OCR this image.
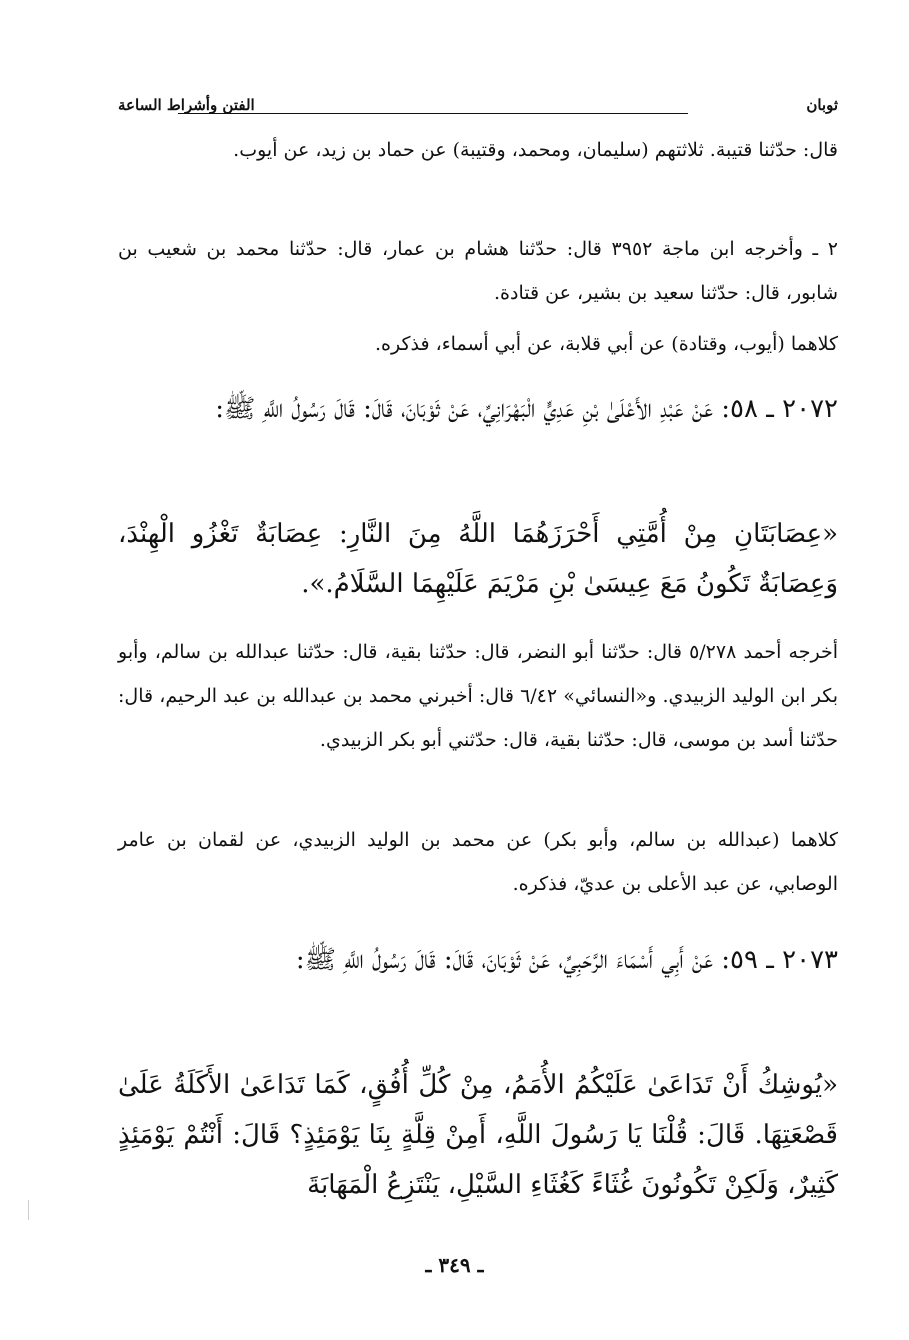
ثوبان
الفتن وأشراط الساعة

قال: حدّثنا قتيبة. ثلاثتهم (سليمان، ومحمد، وقتيبة) عن حماد بن زيد، عن أيوب.

٢ ـ وأخرجه ابن ماجة ٣٩٥٢ قال: حدّثنا هشام بن عمار، قال: حدّثنا محمد بن شعيب بن شابور، قال: حدّثنا سعيد بن بشير، عن قتادة.

كلاهما (أيوب، وقتادة) عن أبي قلابة، عن أبي أسماء، فذكره.

٢٠٧٢ ـ ٥٨: عَنْ عَبْدِ الأَعْلَىٰ بْنِ عَدِيٍّ الْبَهْرَانِيِّ، عَنْ ثَوْبَانَ، قَالَ: قَالَ رَسُولُ اللَّهِ ﷺ:

«عِصَابَتَانِ مِنْ أُمَّتِي أَحْرَزَهُمَا اللَّهُ مِنَ النَّارِ: عِصَابَةٌ تَغْزُو الْهِنْدَ، وَعِصَابَةٌ تَكُونُ مَعَ عِيسَىٰ بْنِ مَرْيَمَ عَلَيْهِمَا السَّلَامُ.».

أخرجه أحمد ٥/٢٧٨ قال: حدّثنا أبو النضر، قال: حدّثنا بقية، قال: حدّثنا عبدالله بن سالم، وأبو بكر ابن الوليد الزبيدي. و«النسائي» ٦/٤٢ قال: أخبرني محمد بن عبدالله بن عبد الرحيم، قال: حدّثنا أسد بن موسى، قال: حدّثنا بقية، قال: حدّثني أبو بكر الزبيدي.

كلاهما (عبدالله بن سالم، وأبو بكر) عن محمد بن الوليد الزبيدي، عن لقمان بن عامر الوصابي، عن عبد الأعلى بن عديّ، فذكره.

٢٠٧٣ ـ ٥٩: عَنْ أَبِي أَسْمَاءَ الرَّحَبِيِّ، عَنْ ثَوْبَانَ، قَالَ: قَالَ رَسُولُ اللَّهِ ﷺ:

«يُوشِكُ أَنْ تَدَاعَىٰ عَلَيْكُمُ الأُمَمُ، مِنْ كُلِّ أُفُقٍ، كَمَا تَدَاعَىٰ الأَكَلَةُ عَلَىٰ قَصْعَتِهَا. قَالَ: قُلْنَا يَا رَسُولَ اللَّهِ، أَمِنْ قِلَّةٍ بِنَا يَوْمَئِذٍ؟ قَالَ: أَنْتُمْ يَوْمَئِذٍ كَثِيرٌ، وَلَكِنْ تَكُونُونَ غُثَاءً كَغُثَاءِ السَّيْلِ، يَنْتَزِعُ الْمَهَابَةَ

ـ ٣٤٩ ـ
